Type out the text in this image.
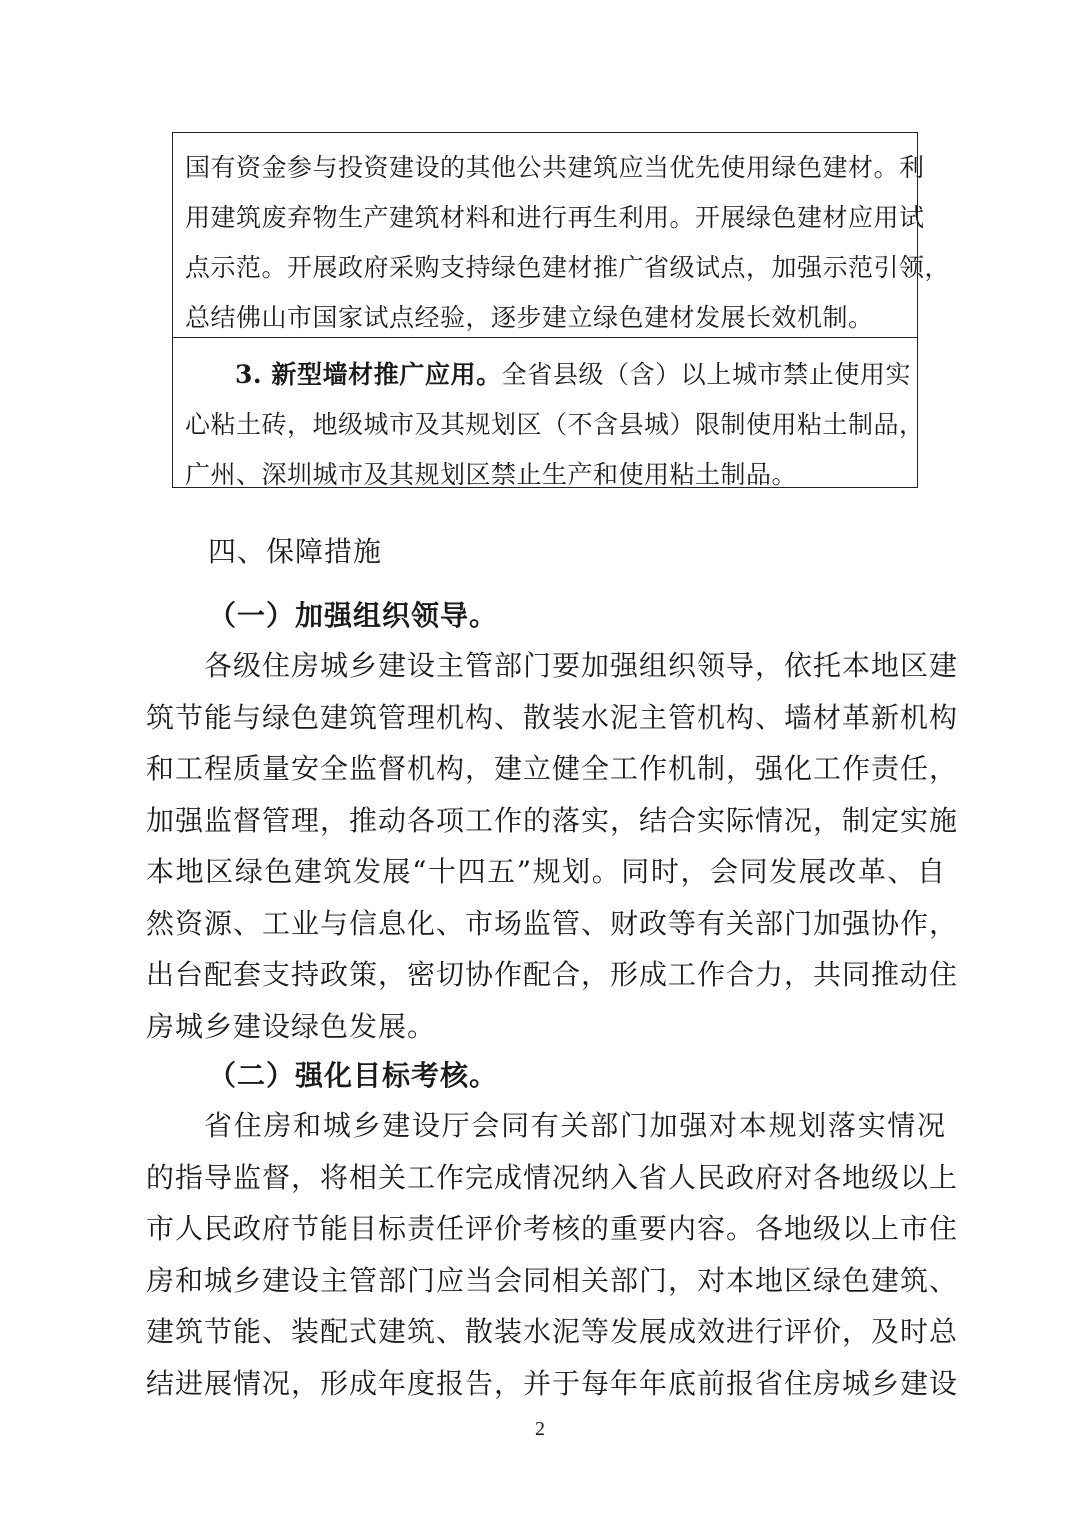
国有资金参与投资建设的其他公共建筑应当优先使用绿色建材。利
用建筑废弃物生产建筑材料和进行再生利用。开展绿色建材应用试
点示范。开展政府采购支持绿色建材推广省级试点，加强示范引领，
总结佛山市国家试点经验，逐步建立绿色建材发展长效机制。
3. 新型墙材推广应用。全省县级（含）以上城市禁止使用实
心粘土砖，地级城市及其规划区（不含县城）限制使用粘土制品，
广州、深圳城市及其规划区禁止生产和使用粘土制品。
四、保障措施
（一）加强组织领导。
各级住房城乡建设主管部门要加强组织领导，依托本地区建
筑节能与绿色建筑管理机构、散装水泥主管机构、墙材革新机构
和工程质量安全监督机构，建立健全工作机制，强化工作责任，
加强监督管理，推动各项工作的落实，结合实际情况，制定实施
本地区绿色建筑发展“十四五”规划。同时，会同发展改革、自
然资源、工业与信息化、市场监管、财政等有关部门加强协作，
出台配套支持政策，密切协作配合，形成工作合力，共同推动住
房城乡建设绿色发展。
（二）强化目标考核。
省住房和城乡建设厅会同有关部门加强对本规划落实情况
的指导监督，将相关工作完成情况纳入省人民政府对各地级以上
市人民政府节能目标责任评价考核的重要内容。各地级以上市住
房和城乡建设主管部门应当会同相关部门，对本地区绿色建筑、
建筑节能、装配式建筑、散装水泥等发展成效进行评价，及时总
结进展情况，形成年度报告，并于每年年底前报省住房城乡建设
2
